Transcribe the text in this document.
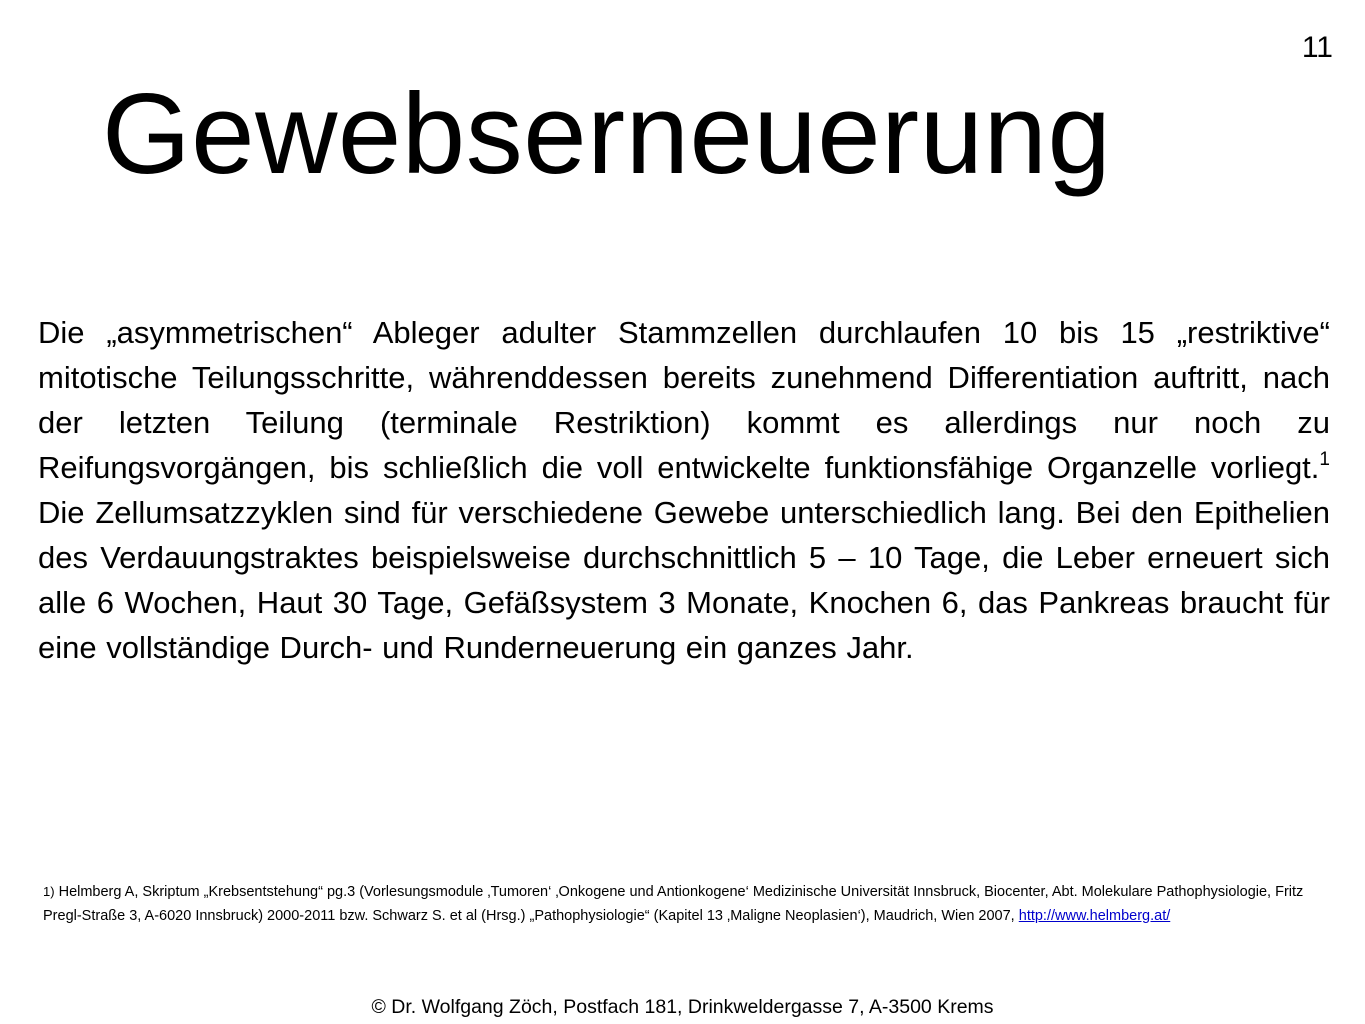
11
Gewebserneuerung
Die „asymmetrischen“ Ableger adulter Stammzellen durchlaufen 10 bis 15 „restriktive“ mitotische Teilungsschritte, währenddessen bereits zunehmend Differentiation auftritt, nach der letzten Teilung (terminale Restriktion) kommt es allerdings nur noch zu Reifungsvorgängen, bis schließlich die voll entwickelte funktionsfähige Organzelle vorliegt.$^1$ Die Zellumsatzzyklen sind für verschiedene Gewebe unterschiedlich lang. Bei den Epithelien des Verdauungstraktes beispielsweise durchschnittlich 5 – 10 Tage, die Leber erneuert sich alle 6 Wochen, Haut 30 Tage, Gefäßsystem 3 Monate, Knochen 6, das Pankreas braucht für eine vollständige Durch- und Runderneuerung ein ganzes Jahr.
1) Helmberg A, Skriptum „Krebsentstehung“ pg.3 (Vorlesungsmodule ‚Tumoren‘ ‚Onkogene und Antionkogene‘ Medizinische Universität Innsbruck, Biocenter, Abt. Molekulare Pathophysiologie, Fritz Pregl-Straße 3, A-6020 Innsbruck) 2000-2011 bzw. Schwarz S. et al (Hrsg.) „Pathophysiologie“ (Kapitel 13 ‚Maligne Neoplasien‘), Maudrich, Wien 2007, http://www.helmberg.at/
© Dr. Wolfgang Zöch, Postfach 181, Drinkweldergasse 7, A-3500 Krems
